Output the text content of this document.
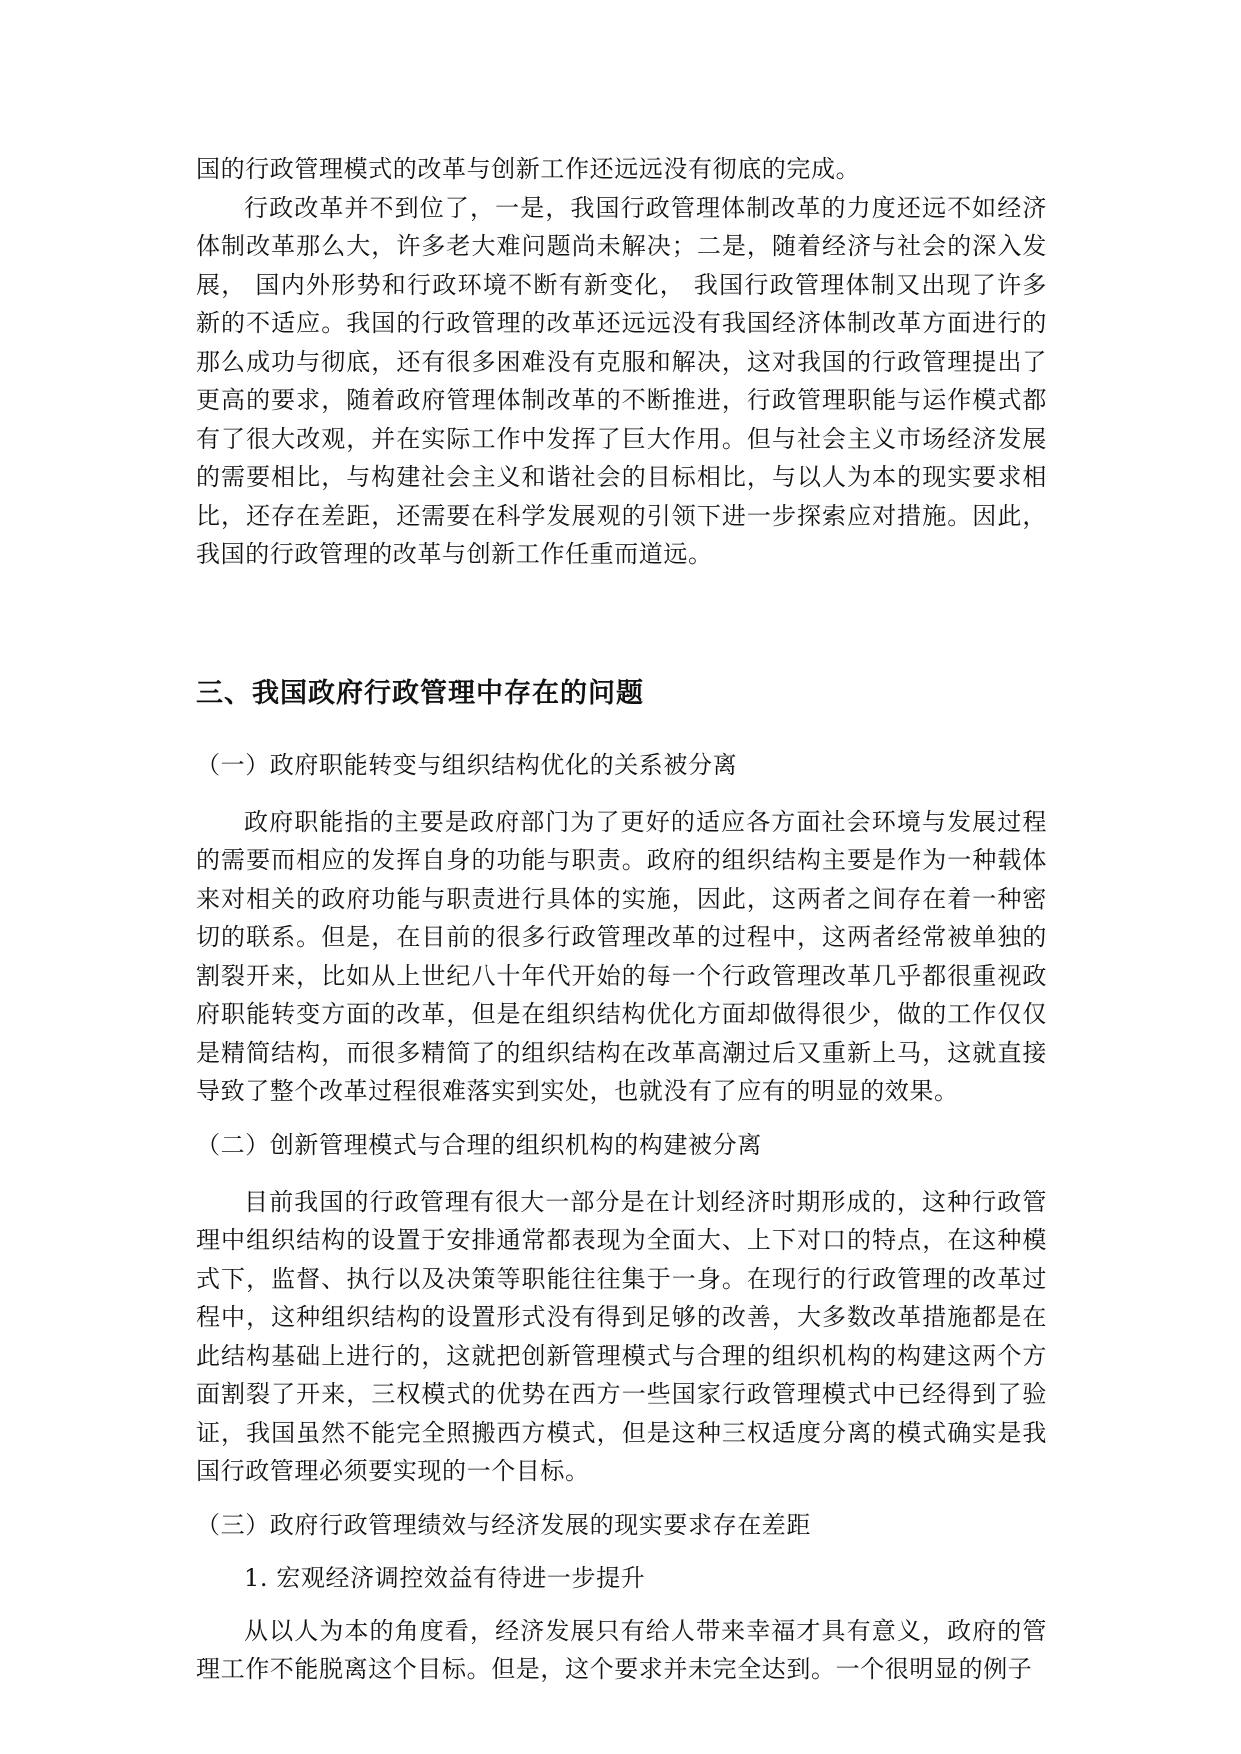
国的行政管理模式的改革与创新工作还远远没有彻底的完成。

行政改革并不到位了，一是，我国行政管理体制改革的力度还远不如经济体制改革那么大，许多老大难问题尚未解决；二是，随着经济与社会的深入发展， 国内外形势和行政环境不断有新变化， 我国行政管理体制又出现了许多新的不适应。我国的行政管理的改革还远远没有我国经济体制改革方面进行的那么成功与彻底，还有很多困难没有克服和解决，这对我国的行政管理提出了更高的要求，随着政府管理体制改革的不断推进，行政管理职能与运作模式都有了很大改观，并在实际工作中发挥了巨大作用。但与社会主义市场经济发展的需要相比，与构建社会主义和谐社会的目标相比，与以人为本的现实要求相比，还存在差距，还需要在科学发展观的引领下进一步探索应对措施。因此，我国的行政管理的改革与创新工作任重而道远。

三、我国政府行政管理中存在的问题
（一）政府职能转变与组织结构优化的关系被分离

政府职能指的主要是政府部门为了更好的适应各方面社会环境与发展过程的需要而相应的发挥自身的功能与职责。政府的组织结构主要是作为一种载体来对相关的政府功能与职责进行具体的实施，因此，这两者之间存在着一种密切的联系。但是，在目前的很多行政管理改革的过程中，这两者经常被单独的割裂开来，比如从上世纪八十年代开始的每一个行政管理改革几乎都很重视政府职能转变方面的改革，但是在组织结构优化方面却做得很少，做的工作仅仅是精简结构，而很多精简了的组织结构在改革高潮过后又重新上马，这就直接导致了整个改革过程很难落实到实处，也就没有了应有的明显的效果。

（二）创新管理模式与合理的组织机构的构建被分离

目前我国的行政管理有很大一部分是在计划经济时期形成的，这种行政管理中组织结构的设置于安排通常都表现为全面大、上下对口的特点，在这种模式下，监督、执行以及决策等职能往往集于一身。在现行的行政管理的改革过程中，这种组织结构的设置形式没有得到足够的改善，大多数改革措施都是在此结构基础上进行的，这就把创新管理模式与合理的组织机构的构建这两个方面割裂了开来，三权模式的优势在西方一些国家行政管理模式中已经得到了验证，我国虽然不能完全照搬西方模式，但是这种三权适度分离的模式确实是我国行政管理必须要实现的一个目标。

（三）政府行政管理绩效与经济发展的现实要求存在差距
1. 宏观经济调控效益有待进一步提升

从以人为本的角度看，经济发展只有给人带来幸福才具有意义，政府的管理工作不能脱离这个目标。但是，这个要求并未完全达到。一个很明显的例子
